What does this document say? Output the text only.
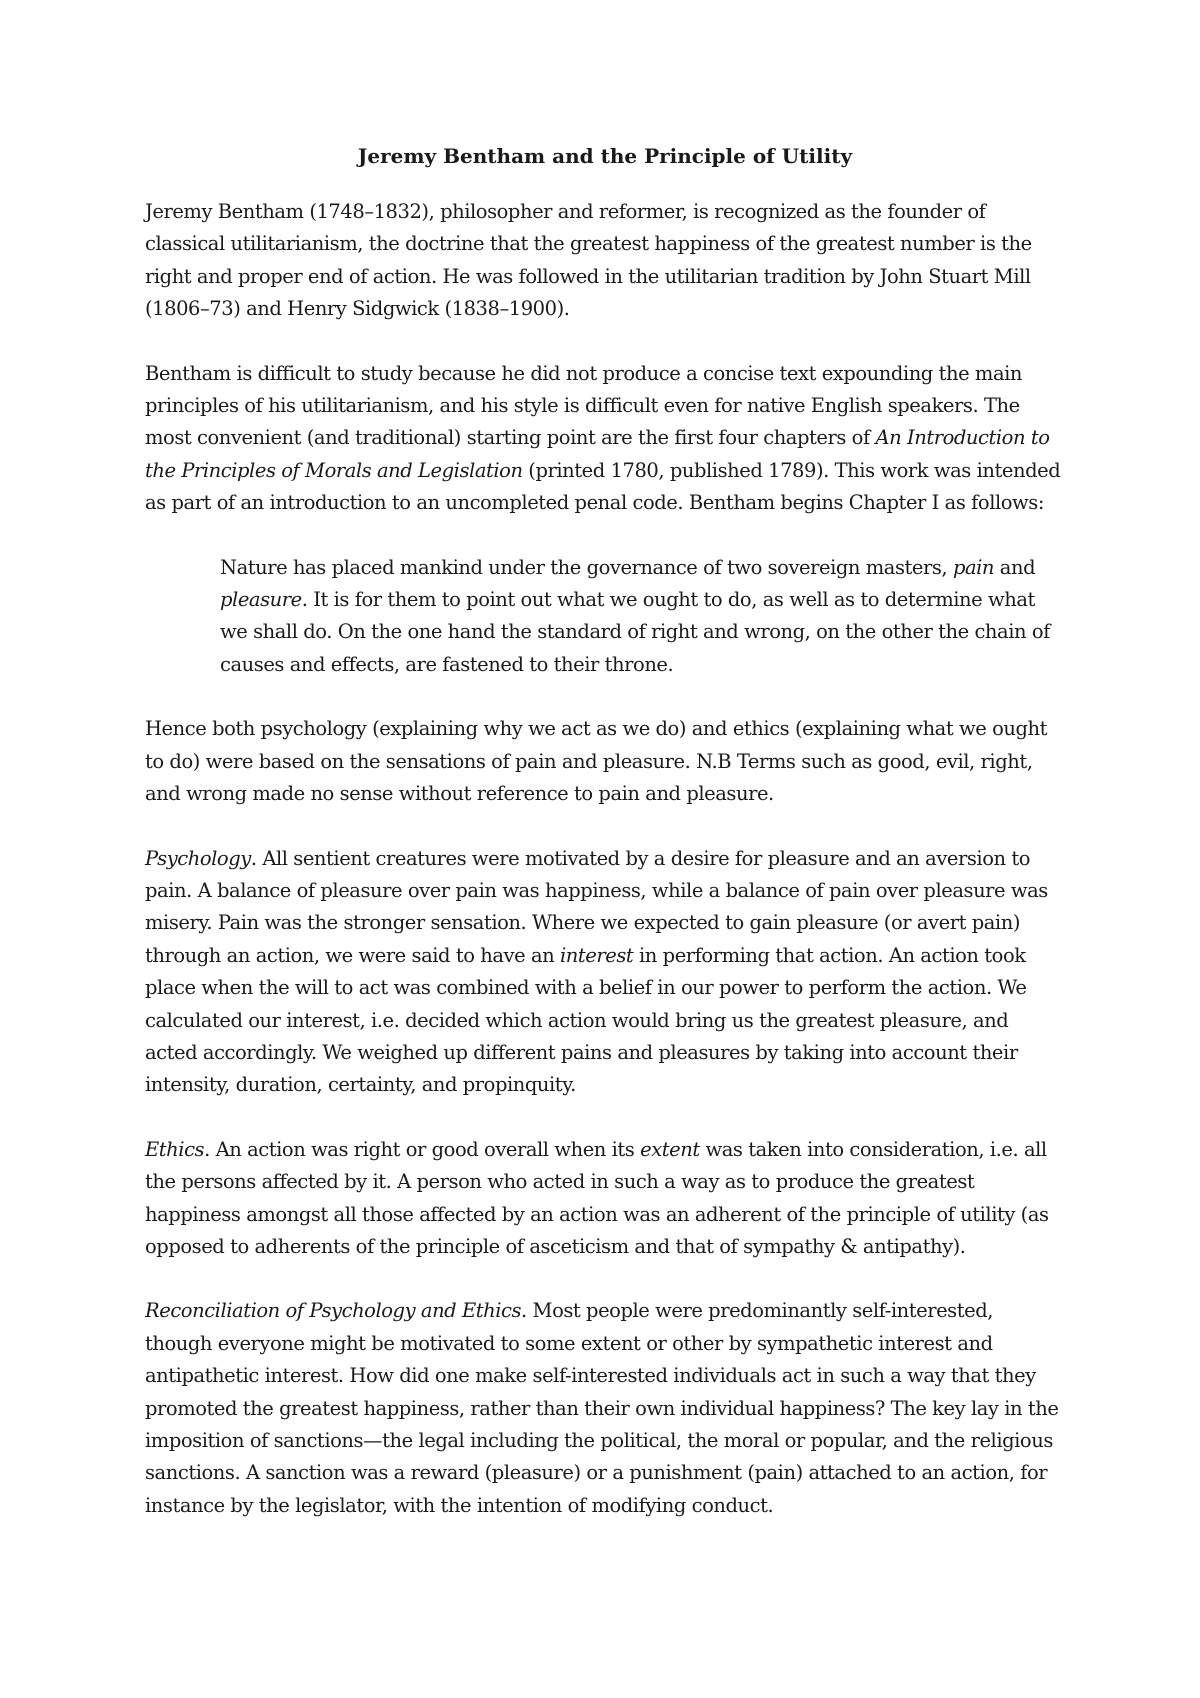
Jeremy Bentham and the Principle of Utility

Jeremy Bentham (1748–1832), philosopher and reformer, is recognized as the founder of classical utilitarianism, the doctrine that the greatest happiness of the greatest number is the right and proper end of action. He was followed in the utilitarian tradition by John Stuart Mill (1806–73) and Henry Sidgwick (1838–1900).

Bentham is difficult to study because he did not produce a concise text expounding the main principles of his utilitarianism, and his style is difficult even for native English speakers. The most convenient (and traditional) starting point are the first four chapters of An Introduction to the Principles of Morals and Legislation (printed 1780, published 1789). This work was intended as part of an introduction to an uncompleted penal code. Bentham begins Chapter I as follows:

Nature has placed mankind under the governance of two sovereign masters, pain and pleasure. It is for them to point out what we ought to do, as well as to determine what we shall do. On the one hand the standard of right and wrong, on the other the chain of causes and effects, are fastened to their throne.

Hence both psychology (explaining why we act as we do) and ethics (explaining what we ought to do) were based on the sensations of pain and pleasure. N.B Terms such as good, evil, right, and wrong made no sense without reference to pain and pleasure.

Psychology. All sentient creatures were motivated by a desire for pleasure and an aversion to pain. A balance of pleasure over pain was happiness, while a balance of pain over pleasure was misery. Pain was the stronger sensation. Where we expected to gain pleasure (or avert pain) through an action, we were said to have an interest in performing that action. An action took place when the will to act was combined with a belief in our power to perform the action. We calculated our interest, i.e. decided which action would bring us the greatest pleasure, and acted accordingly. We weighed up different pains and pleasures by taking into account their intensity, duration, certainty, and propinquity.

Ethics. An action was right or good overall when its extent was taken into consideration, i.e. all the persons affected by it. A person who acted in such a way as to produce the greatest happiness amongst all those affected by an action was an adherent of the principle of utility (as opposed to adherents of the principle of asceticism and that of sympathy & antipathy).

Reconciliation of Psychology and Ethics. Most people were predominantly self-interested, though everyone might be motivated to some extent or other by sympathetic interest and antipathetic interest. How did one make self-interested individuals act in such a way that they promoted the greatest happiness, rather than their own individual happiness? The key lay in the imposition of sanctions—the legal including the political, the moral or popular, and the religious sanctions. A sanction was a reward (pleasure) or a punishment (pain) attached to an action, for instance by the legislator, with the intention of modifying conduct.
